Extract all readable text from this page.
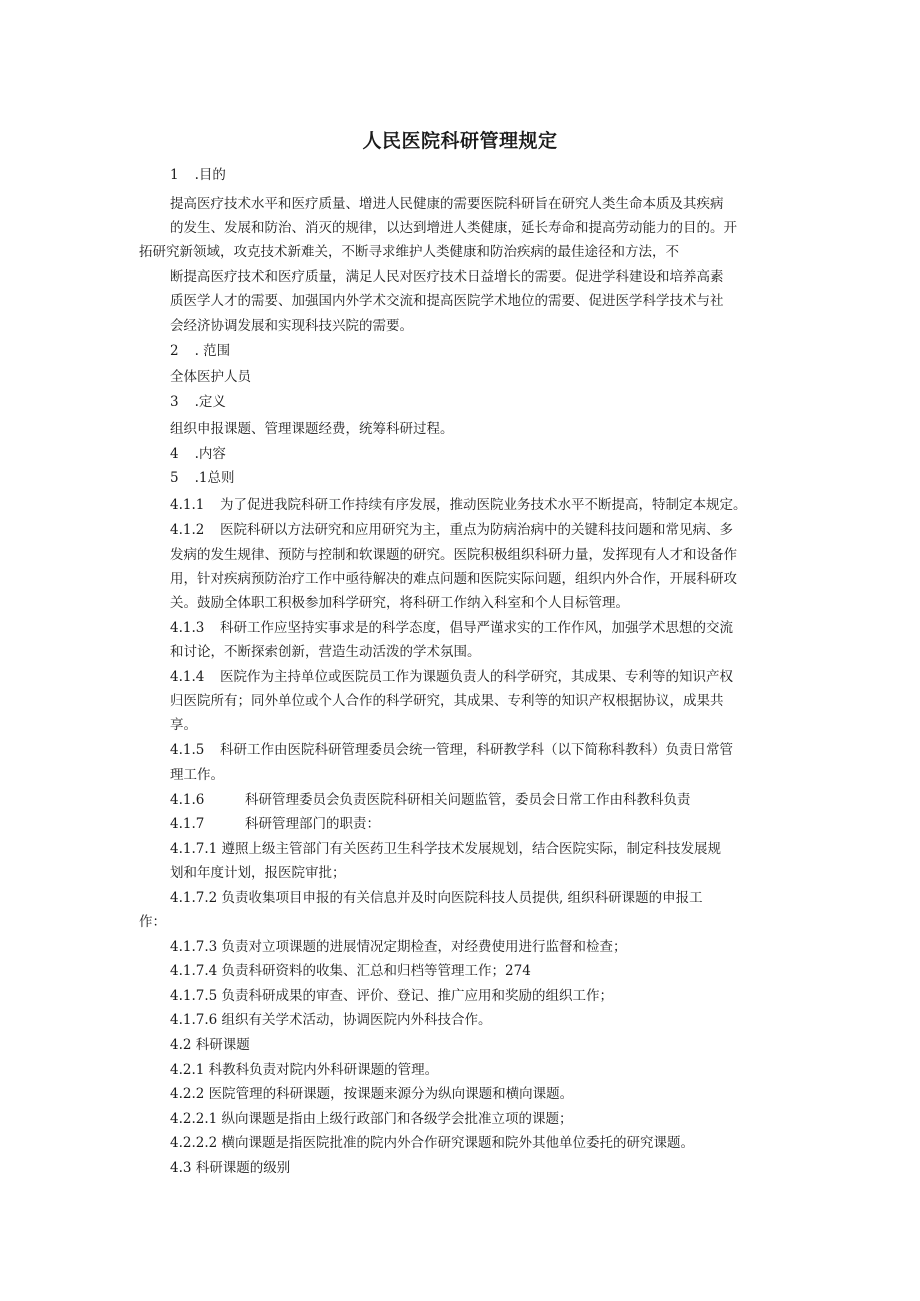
人民医院科研管理规定
1 .目的
提高医疗技术水平和医疗质量、增进人民健康的需要医院科研旨在研究人类生命本质及其疾病
的发生、发展和防治、消灭的规律，以达到增进人类健康，延长寿命和提高劳动能力的目的。开
拓研究新领域，攻克技术新难关，不断寻求维护人类健康和防治疾病的最佳途径和方法，不
断提高医疗技术和医疗质量，满足人民对医疗技术日益增长的需要。促进学科建设和培养高素
质医学人才的需要、加强国内外学术交流和提高医院学术地位的需要、促进医学科学技术与社
会经济协调发展和实现科技兴院的需要。
2 . 范围
全体医护人员
3 .定义
组织申报课题、管理课题经费，统筹科研过程。
4 .内容
5 .1总则
4.1.1 为了促进我院科研工作持续有序发展，推动医院业务技术水平不断提高，特制定本规定。
4.1.2 医院科研以方法研究和应用研究为主，重点为防病治病中的关键科技问题和常见病、多
发病的发生规律、预防与控制和软课题的研究。医院积极组织科研力量，发挥现有人才和设备作
用，针对疾病预防治疗工作中亟待解决的难点问题和医院实际问题，组织内外合作，开展科研攻
关。鼓励全体职工积极参加科学研究，将科研工作纳入科室和个人目标管理。
4.1.3 科研工作应坚持实事求是的科学态度，倡导严谨求实的工作作风，加强学术思想的交流
和讨论，不断探索创新，营造生动活泼的学术氛围。
4.1.4 医院作为主持单位或医院员工作为课题负责人的科学研究，其成果、专利等的知识产权
归医院所有；同外单位或个人合作的科学研究，其成果、专利等的知识产权根据协议，成果共
享。
4.1.5 科研工作由医院科研管理委员会统一管理，科研教学科（以下简称科教科）负责日常管
理工作。
4.1.6	科研管理委员会负责医院科研相关问题监管，委员会日常工作由科教科负责
4.1.7	科研管理部门的职责：
4.1.7.1 遵照上级主管部门有关医药卫生科学技术发展规划，结合医院实际，制定科技发展规
划和年度计划，报医院审批；
4.1.7.2 负责收集项目申报的有关信息并及时向医院科技人员提供, 组织科研课题的申报工
作：
4.1.7.3 负责对立项课题的进展情况定期检查，对经费使用进行监督和检查；
4.1.7.4 负责科研资料的收集、汇总和归档等管理工作；274
4.1.7.5 负责科研成果的审查、评价、登记、推广应用和奖励的组织工作；
4.1.7.6 组织有关学术活动，协调医院内外科技合作。
4.2 科研课题
4.2.1 科教科负责对院内外科研课题的管理。
4.2.2 医院管理的科研课题，按课题来源分为纵向课题和横向课题。
4.2.2.1 纵向课题是指由上级行政部门和各级学会批准立项的课题；
4.2.2.2 横向课题是指医院批准的院内外合作研究课题和院外其他单位委托的研究课题。
4.3 科研课题的级别
